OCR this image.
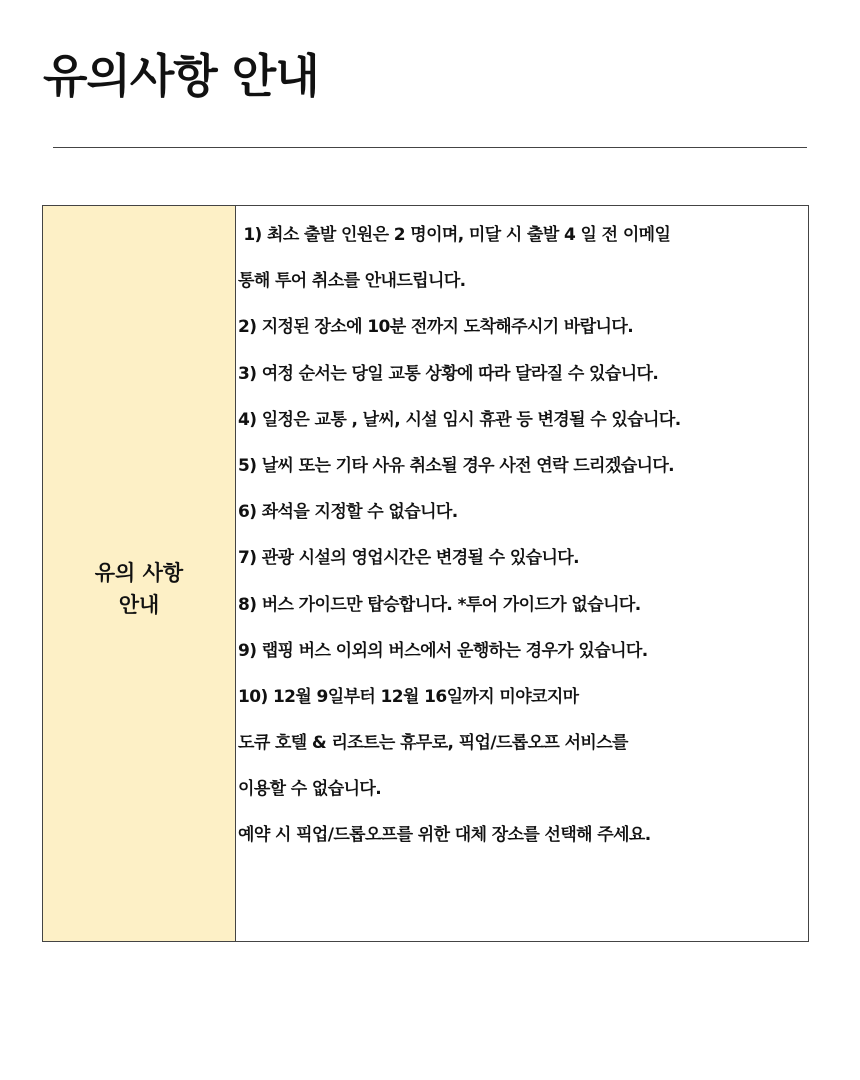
유의사항 안내
유의 사항
안내
1) 최소 출발 인원은 2 명이며, 미달 시 출발 4 일 전 이메일
통해 투어 취소를 안내드립니다.
2) 지정된 장소에 10분 전까지 도착해주시기 바랍니다.
3) 여정 순서는 당일 교통 상황에 따라 달라질 수 있습니다.
4) 일정은 교통 , 날씨, 시설 임시 휴관 등 변경될 수 있습니다.
5) 날씨 또는 기타 사유 취소될 경우 사전 연락 드리겠습니다.
6) 좌석을 지정할 수 없습니다.
7) 관광 시설의 영업시간은 변경될 수 있습니다.
8) 버스 가이드만 탑승합니다. *투어 가이드가 없습니다.
9) 랩핑 버스 이외의 버스에서 운행하는 경우가 있습니다.
10) 12월 9일부터 12월 16일까지 미야코지마
도큐 호텔 & 리조트는 휴무로, 픽업/드롭오프 서비스를
이용할 수 없습니다.
예약 시 픽업/드롭오프를 위한 대체 장소를 선택해 주세요.
